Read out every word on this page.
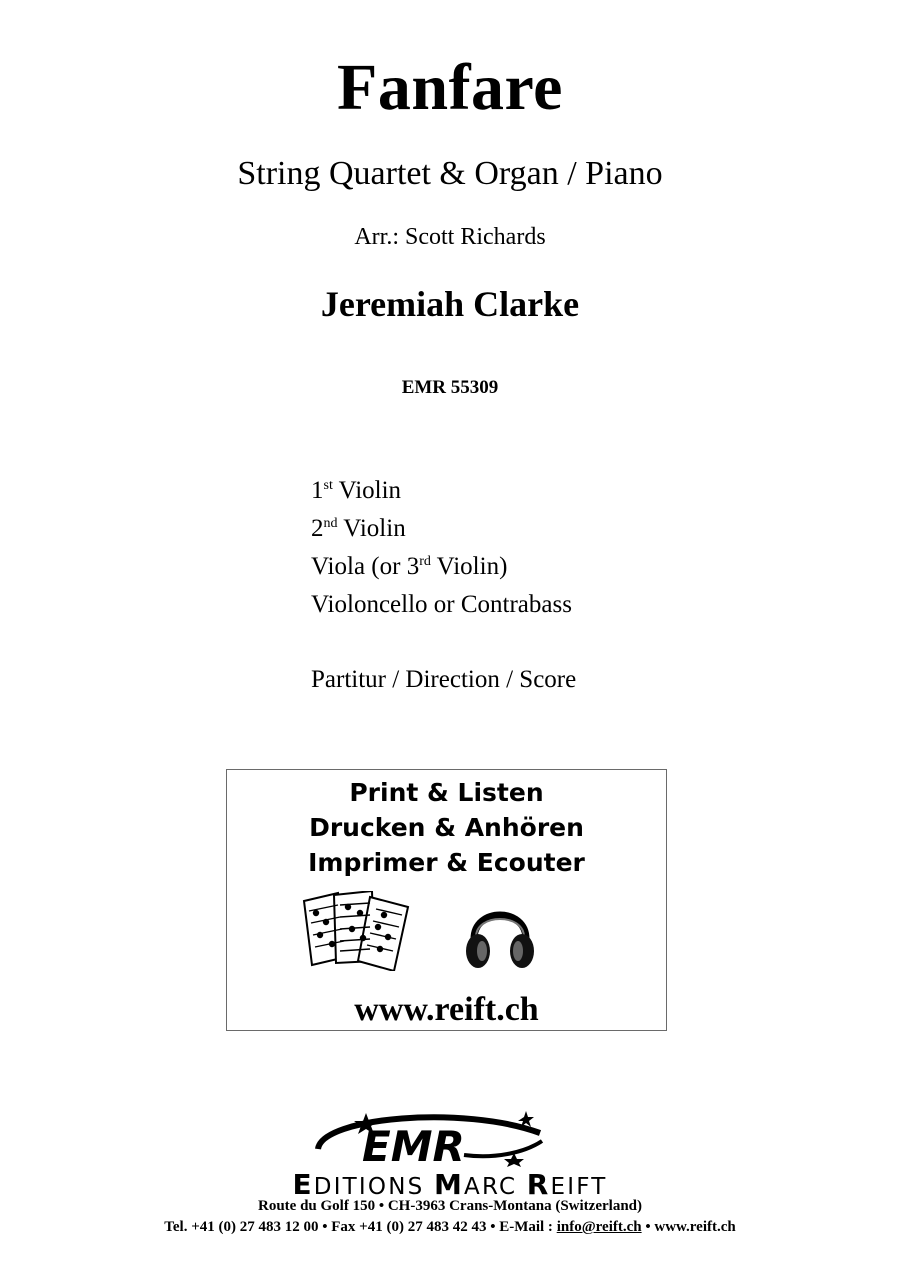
Fanfare
String Quartet & Organ / Piano
Arr.: Scott Richards
Jeremiah Clarke
EMR 55309
1st Violin
2nd Violin
Viola (or 3rd Violin)
Violoncello or Contrabass
Partitur / Direction / Score
Print & Listen
Drucken & Anhören
Imprimer & Ecouter
www.reift.ch
EMR
EDITIONS MARC REIFT
Route du Golf 150 • CH-3963 Crans-Montana (Switzerland)
Tel. +41 (0) 27 483 12 00 • Fax +41 (0) 27 483 42 43 • E-Mail : info@reift.ch • www.reift.ch
